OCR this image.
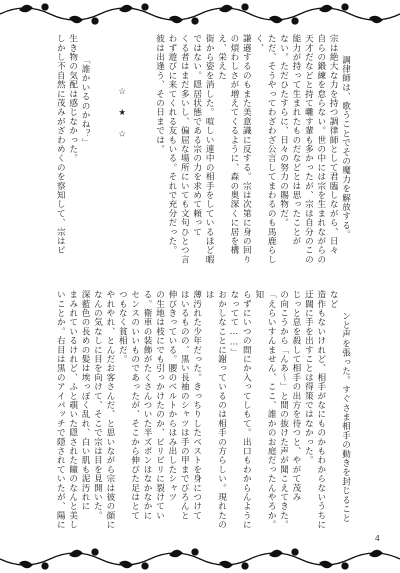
調律師は、歌うことでその魔力を解放する。
宗は絶大な力を持つ調律師として君臨しながら、日々
自らの鍛練を怠らない。世の中には宗を生まれながらの
天才だなどと持て囃す輩も多かったが、宗は自分のこの
能力が持って生まれたものだなどとは思ったことが
ない。ただひたすらに、日々の努力の賜物だ。
ただ、そうやってわざわざ公言してまわるのも馬鹿らしく、
謙遜するのもまた美意識に反する。宗は次第に身の回り
の煩わしさが増えてくるように、森の奥深くに居を構え、栄えた
街から姿を消した。喧しい連中の相手をしているほど暇
ではない。隠居状態である宗の力を求めて頼って
くる者はまだ多いし、偏屈な場所にいても文句ひとつ言
わず遊びに来てくれる友もいる。それで充分だった。
彼は出逢う、その日までは。

☆ ★ ☆

「誰かいるのかね？」
生き物の気配は感じなかった。
しかし不自然に茂みがざわめくのを察知して、宗はピ

ンと声を張った。すぐさま相手の動きを封じることなど
造作もないけれど、相手がなにものかもわからないうちに
迂闊に手を出すことは得策ではなかった。
じっと息を殺して相手の出方を待つと、やがて茂み
の向こうから「んあ～」と間の抜けた声が聞こえてきた。
「えらいすんません、ここ、誰かのお庭だったんやろか。知
らずにいつの間にか入ってしもて。出口もわからんようになってて……」
おかしなことに謝っているのは相手の方らしい。現れたのは
薄汚れた少年だった。きっちりしたベストを身につけて
はいるものの、黒い長袖のシャツは手の甲までびろんと
伸びきっている。腰のベルトからはみ出したシャツ
の生地は枝にでも引っかけたのか、ビリビリに裂けてい
る。衛車の装飾がたくさんついた半ズボンはなかなかに
センスのいいものであったが、そこから伸びた足はとて
つもなく貧相だ。
やれやれ、とんだお客さんだ、と思いながら宗は彼の顔に
なんの気なしに目を向けて、そこで宗は目を見開いた。
深藍色の長めの髪は埃っぽく乱れ、白い肌も泥汚れに
まみれているけれど、ふと覗いた隠された瞳のなんと美し
いことか。右目は黒のアイパッチで隠されていたが、陽に

4
